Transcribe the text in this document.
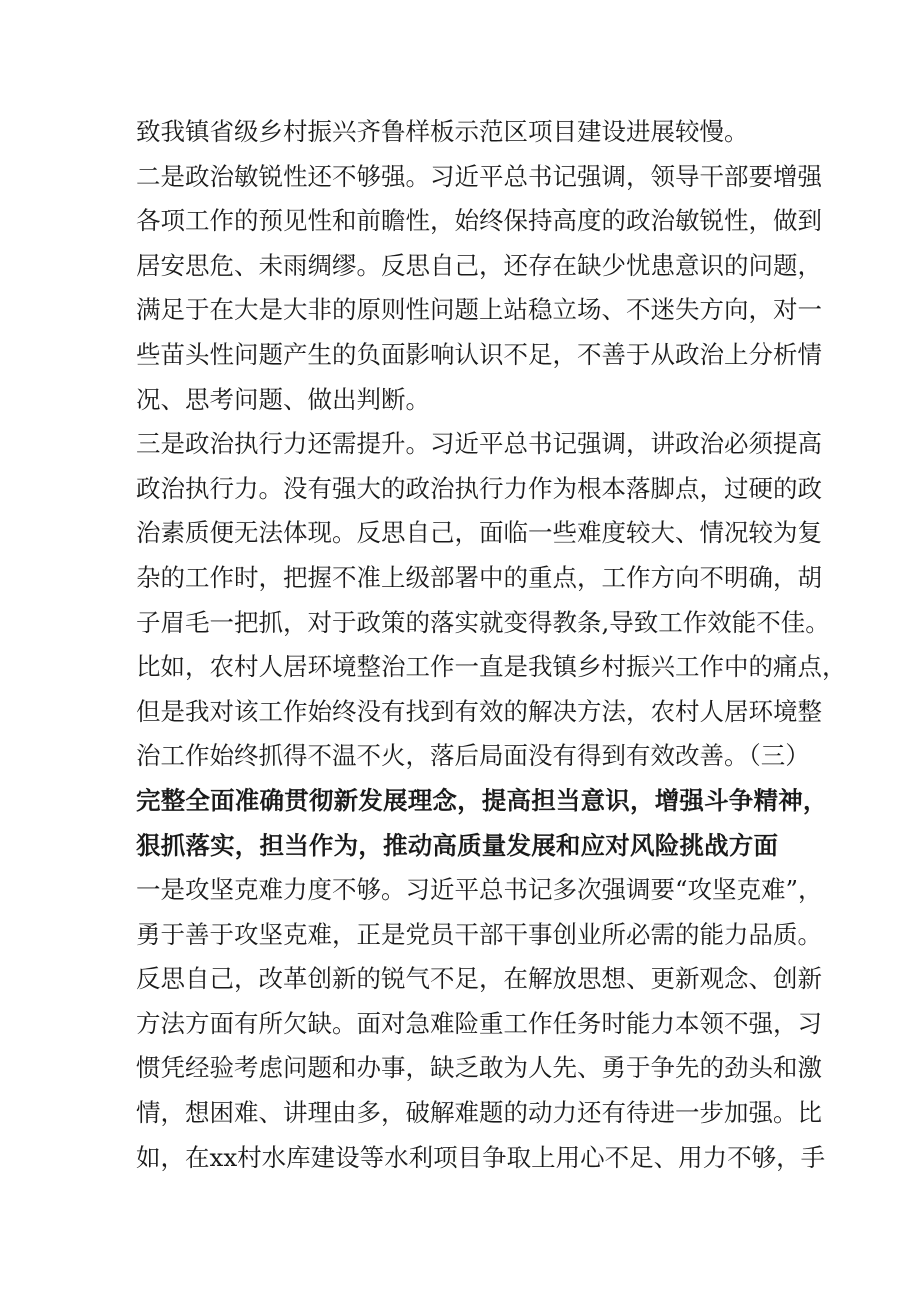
致我镇省级乡村振兴齐鲁样板示范区项目建设进展较慢。
二是政治敏锐性还不够强。习近平总书记强调，领导干部要增强
各项工作的预见性和前瞻性，始终保持高度的政治敏锐性，做到
居安思危、未雨绸缪。反思自己，还存在缺少忧患意识的问题，
满足于在大是大非的原则性问题上站稳立场、不迷失方向，对一
些苗头性问题产生的负面影响认识不足，不善于从政治上分析情
况、思考问题、做出判断。
三是政治执行力还需提升。习近平总书记强调，讲政治必须提高
政治执行力。没有强大的政治执行力作为根本落脚点，过硬的政
治素质便无法体现。反思自己，面临一些难度较大、情况较为复
杂的工作时，把握不准上级部署中的重点，工作方向不明确，胡
子眉毛一把抓，对于政策的落实就变得教条,导致工作效能不佳。
比如，农村人居环境整治工作一直是我镇乡村振兴工作中的痛点，
但是我对该工作始终没有找到有效的解决方法，农村人居环境整
治工作始终抓得不温不火，落后局面没有得到有效改善。（三）
完整全面准确贯彻新发展理念，提高担当意识，增强斗争精神，
狠抓落实，担当作为，推动高质量发展和应对风险挑战方面
一是攻坚克难力度不够。习近平总书记多次强调要“攻坚克难”，
勇于善于攻坚克难，正是党员干部干事创业所必需的能力品质。
反思自己，改革创新的锐气不足，在解放思想、更新观念、创新
方法方面有所欠缺。面对急难险重工作任务时能力本领不强，习
惯凭经验考虑问题和办事，缺乏敢为人先、勇于争先的劲头和激
情，想困难、讲理由多，破解难题的动力还有待进一步加强。比
如，在xx村水库建设等水利项目争取上用心不足、用力不够，手
